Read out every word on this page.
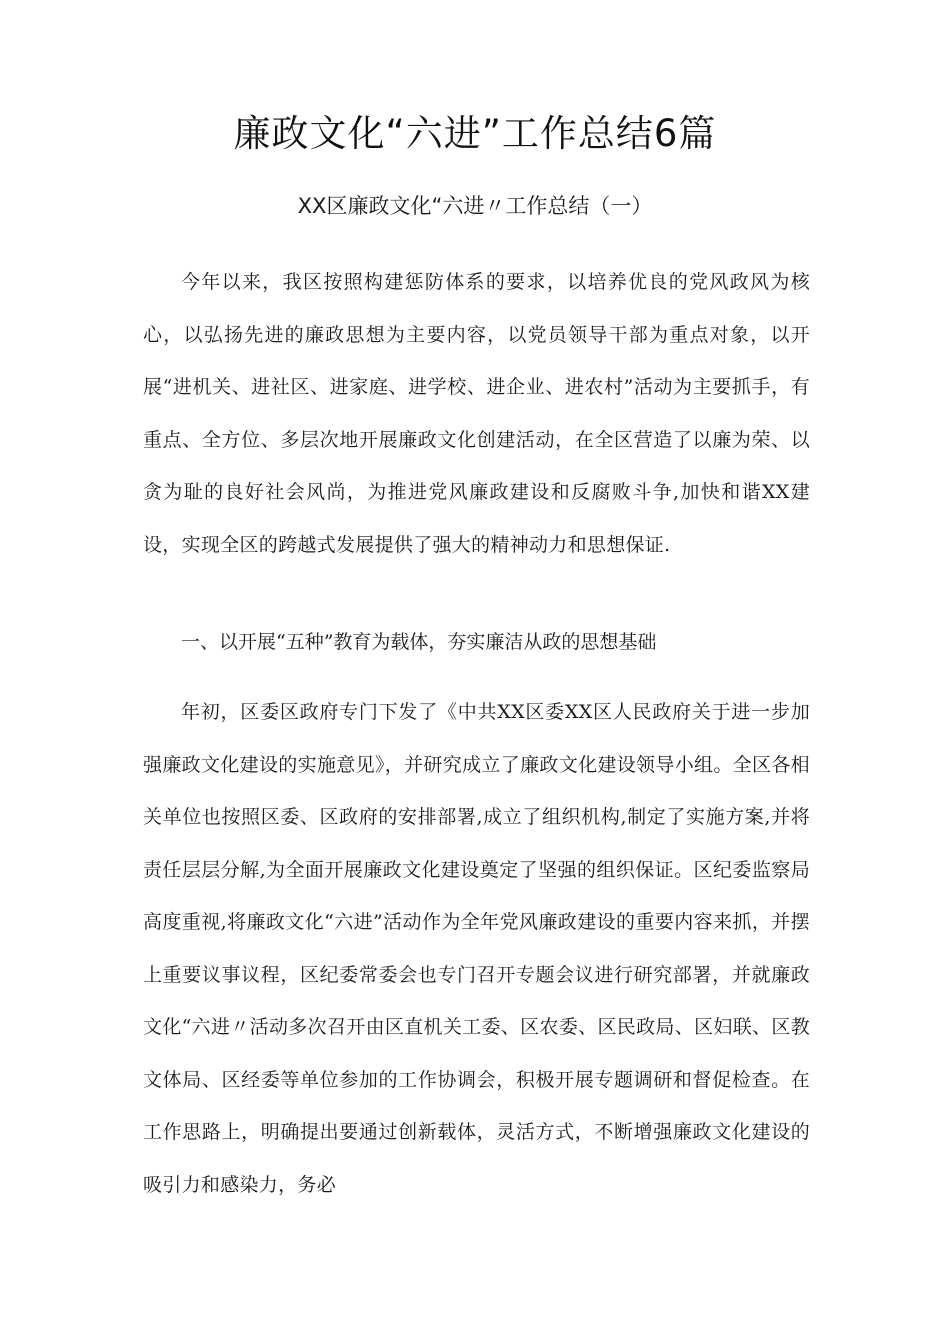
廉政文化“六进”工作总结6篇
XX区廉政文化“六进〃工作总结（一）

今年以来，我区按照构建惩防体系的要求，以培养优良的党风政风为核心，以弘扬先进的廉政思想为主要内容，以党员领导干部为重点对象，以开展“进机关、进社区、进家庭、进学校、进企业、进农村”活动为主要抓手，有重点、全方位、多层次地开展廉政文化创建活动，在全区营造了以廉为荣、以贪为耻的良好社会风尚，为推进党风廉政建设和反腐败斗争,加快和谐XX建设，实现全区的跨越式发展提供了强大的精神动力和思想保证.

一、以开展“五种”教育为载体，夯实廉洁从政的思想基础

年初，区委区政府专门下发了《中共XX区委XX区人民政府关于进一步加强廉政文化建设的实施意见》，并研究成立了廉政文化建设领导小组。全区各相关单位也按照区委、区政府的安排部署,成立了组织机构,制定了实施方案,并将责任层层分解,为全面开展廉政文化建设奠定了坚强的组织保证。区纪委监察局高度重视,将廉政文化“六进”活动作为全年党风廉政建设的重要内容来抓，并摆上重要议事议程，区纪委常委会也专门召开专题会议进行研究部署，并就廉政文化“六进〃活动多次召开由区直机关工委、区农委、区民政局、区妇联、区教文体局、区经委等单位参加的工作协调会，积极开展专题调研和督促检查。在工作思路上，明确提出要通过创新载体，灵活方式，不断增强廉政文化建设的吸引力和感染力，务必
